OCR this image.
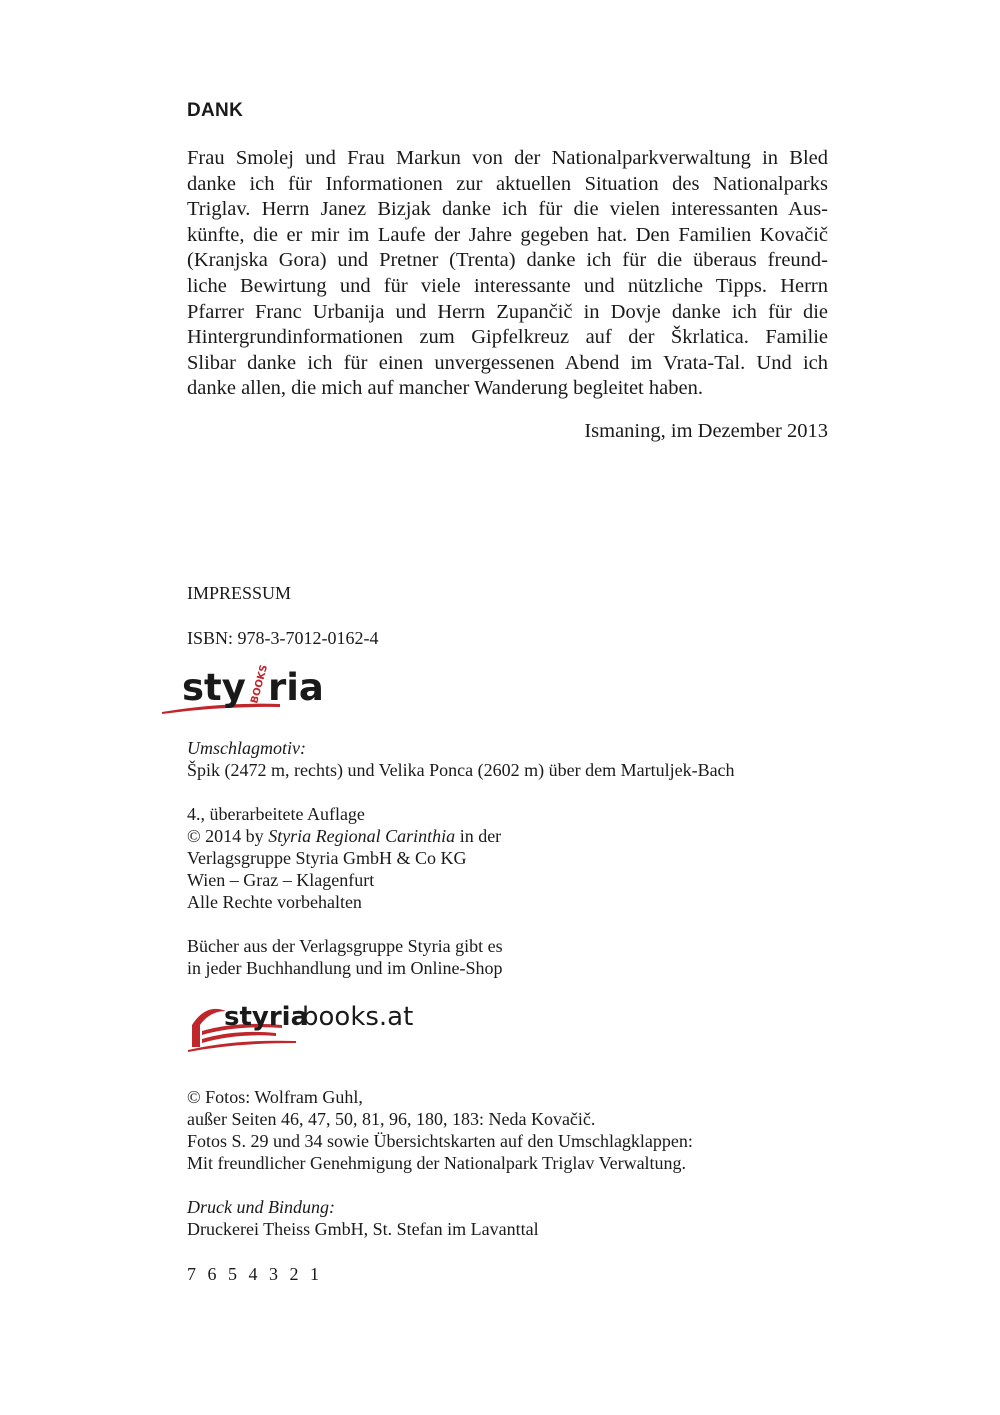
DANK
Frau Smolej und Frau Markun von der Nationalparkverwaltung in Bled
danke ich für Informationen zur aktuellen Situation des Nationalparks
Triglav. Herrn Janez Bizjak danke ich für die vielen interessanten Aus-
künfte, die er mir im Laufe der Jahre gegeben hat. Den Familien Kovačič
(Kranjska Gora) und Pretner (Trenta) danke ich für die überaus freund-
liche Bewirtung und für viele interessante und nützliche Tipps. Herrn
Pfarrer Franc Urbanija und Herrn Zupančič in Dovje danke ich für die
Hintergrundinformationen zum Gipfelkreuz auf der Škrlatica. Familie
Slibar danke ich für einen unvergessenen Abend im Vrata-Tal. Und ich
danke allen, die mich auf mancher Wanderung begleitet haben.
Ismaning, im Dezember 2013
IMPRESSUM
ISBN: 978-3-7012-0162-4
sty ria
BOOKS
Umschlagmotiv:
Špik (2472 m, rechts) und Velika Ponca (2602 m) über dem Martuljek-Bach
4., überarbeitete Auflage
© 2014 by Styria Regional Carinthia in der
Verlagsgruppe Styria GmbH & Co KG
Wien – Graz – Klagenfurt
Alle Rechte vorbehalten
Bücher aus der Verlagsgruppe Styria gibt es
in jeder Buchhandlung und im Online-Shop
styria
books.at
© Fotos: Wolfram Guhl,
außer Seiten 46, 47, 50, 81, 96, 180, 183: Neda Kovačič.
Fotos S. 29 und 34 sowie Übersichtskarten auf den Umschlagklappen:
Mit freundlicher Genehmigung der Nationalpark Triglav Verwaltung.
Druck und Bindung:
Druckerei Theiss GmbH, St. Stefan im Lavanttal
7 6 5 4 3 2 1
